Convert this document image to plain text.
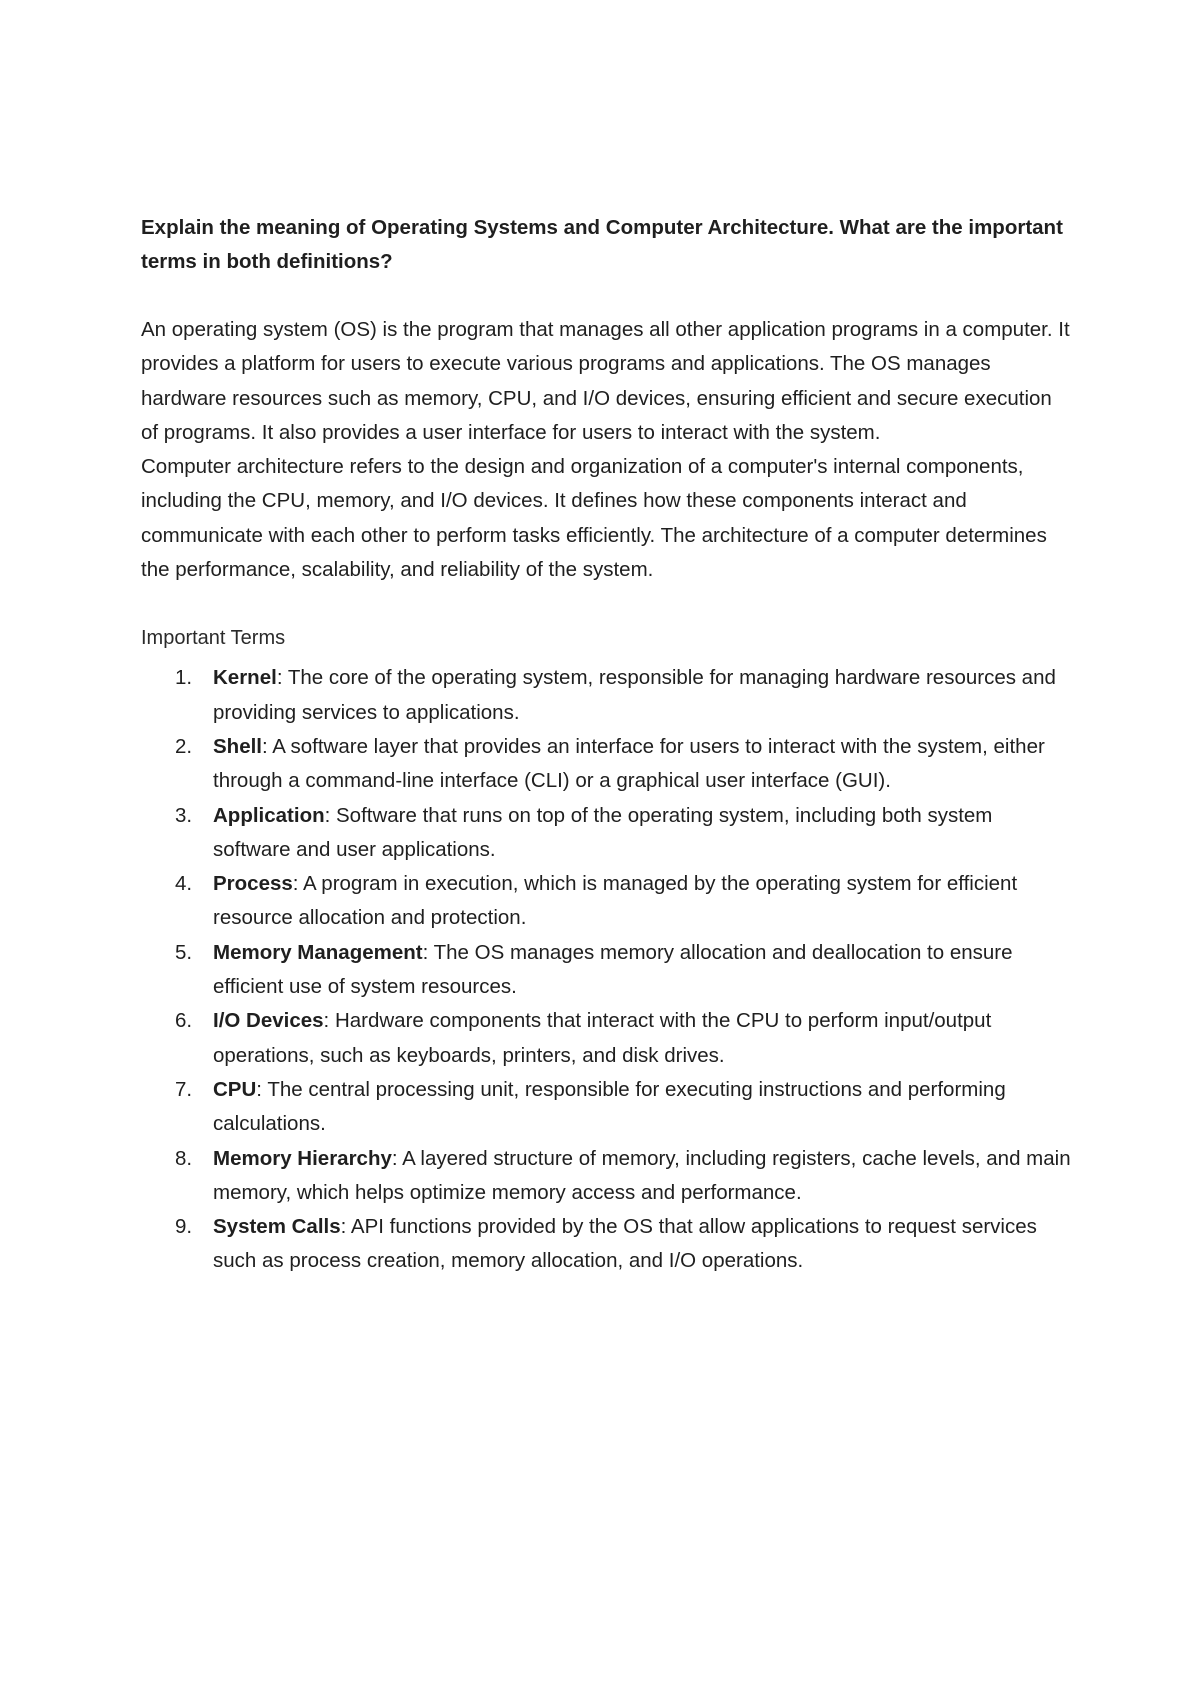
Explain the meaning of Operating Systems and Computer Architecture. What are the important terms in both definitions?

An operating system (OS) is the program that manages all other application programs in a computer. It provides a platform for users to execute various programs and applications. The OS manages hardware resources such as memory, CPU, and I/O devices, ensuring efficient and secure execution of programs. It also provides a user interface for users to interact with the system.

Computer architecture refers to the design and organization of a computer's internal components, including the CPU, memory, and I/O devices. It defines how these components interact and communicate with each other to perform tasks efficiently. The architecture of a computer determines the performance, scalability, and reliability of the system.

Important Terms
1. Kernel: The core of the operating system, responsible for managing hardware resources and providing services to applications.
2. Shell: A software layer that provides an interface for users to interact with the system, either through a command-line interface (CLI) or a graphical user interface (GUI).
3. Application: Software that runs on top of the operating system, including both system software and user applications.
4. Process: A program in execution, which is managed by the operating system for efficient resource allocation and protection.
5. Memory Management: The OS manages memory allocation and deallocation to ensure efficient use of system resources.
6. I/O Devices: Hardware components that interact with the CPU to perform input/output operations, such as keyboards, printers, and disk drives.
7. CPU: The central processing unit, responsible for executing instructions and performing calculations.
8. Memory Hierarchy: A layered structure of memory, including registers, cache levels, and main memory, which helps optimize memory access and performance.
9. System Calls: API functions provided by the OS that allow applications to request services such as process creation, memory allocation, and I/O operations.
